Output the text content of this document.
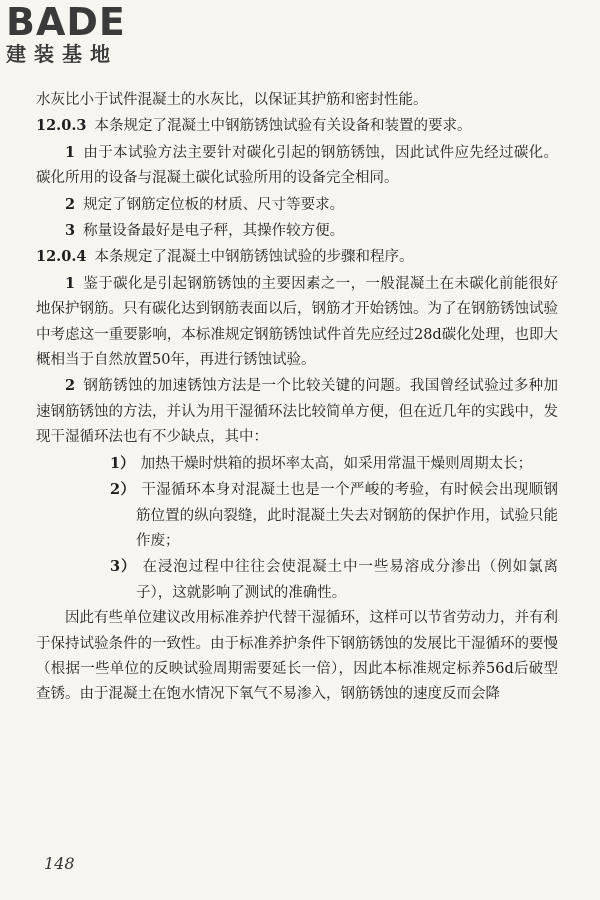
BADE
建装基地

水灰比小于试件混凝土的水灰比，以保证其护筋和密封性能。

12.0.3 本条规定了混凝土中钢筋锈蚀试验有关设备和装置的要求。

1 由于本试验方法主要针对碳化引起的钢筋锈蚀，因此试件应先经过碳化。碳化所用的设备与混凝土碳化试验所用的设备完全相同。

2 规定了钢筋定位板的材质、尺寸等要求。

3 称量设备最好是电子秤，其操作较方便。

12.0.4 本条规定了混凝土中钢筋锈蚀试验的步骤和程序。

1 鉴于碳化是引起钢筋锈蚀的主要因素之一，一般混凝土在未碳化前能很好地保护钢筋。只有碳化达到钢筋表面以后，钢筋才开始锈蚀。为了在钢筋锈蚀试验中考虑这一重要影响，本标准规定钢筋锈蚀试件首先应经过28d碳化处理，也即大概相当于自然放置50年，再进行锈蚀试验。

2 钢筋锈蚀的加速锈蚀方法是一个比较关键的问题。我国曾经试验过多种加速钢筋锈蚀的方法，并认为用干湿循环法比较简单方便，但在近几年的实践中，发现干湿循环法也有不少缺点，其中：

1） 加热干燥时烘箱的损坏率太高，如采用常温干燥则周期太长；

2） 干湿循环本身对混凝土也是一个严峻的考验，有时候会出现顺钢筋位置的纵向裂缝，此时混凝土失去对钢筋的保护作用，试验只能作废；

3） 在浸泡过程中往往会使混凝土中一些易溶成分渗出（例如氯离子），这就影响了测试的准确性。

因此有些单位建议改用标准养护代替干湿循环，这样可以节省劳动力，并有利于保持试验条件的一致性。由于标准养护条件下钢筋锈蚀的发展比干湿循环的要慢（根据一些单位的反映试验周期需要延长一倍），因此本标准规定标养56d后破型查锈。由于混凝土在饱水情况下氧气不易渗入，钢筋锈蚀的速度反而会降

148
